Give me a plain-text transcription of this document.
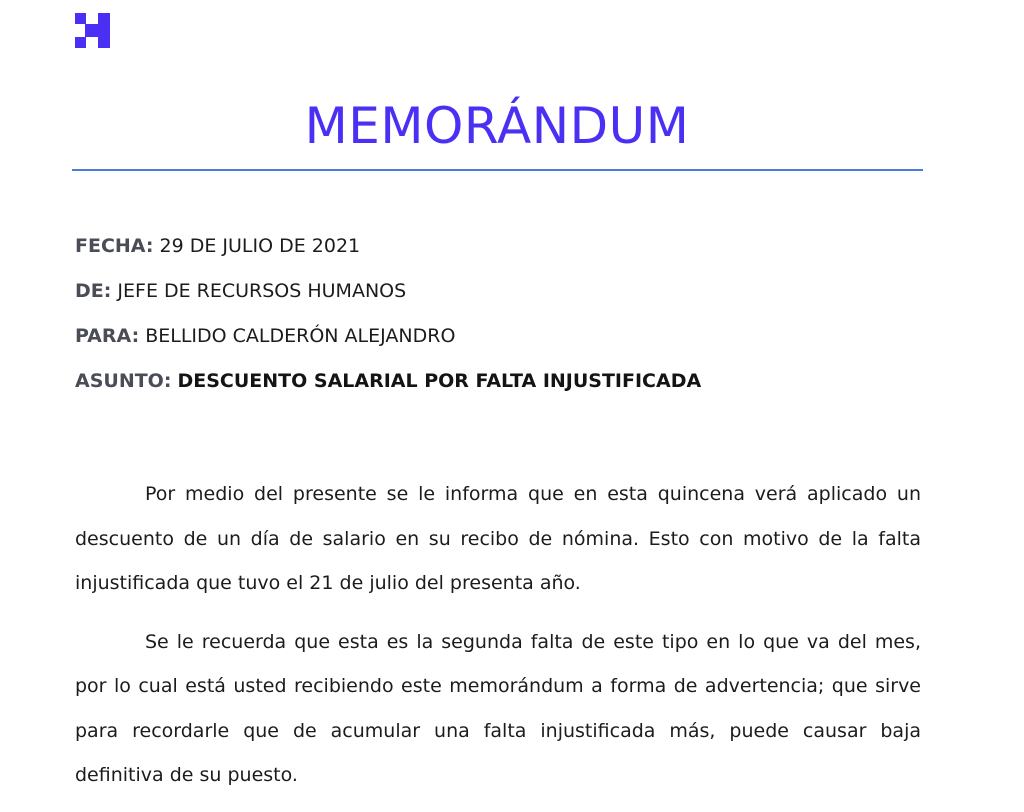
MEMORÁNDUM
FECHA: 29 DE JULIO DE 2021
DE: JEFE DE RECURSOS HUMANOS
PARA: BELLIDO CALDERÓN ALEJANDRO
ASUNTO: DESCUENTO SALARIAL POR FALTA INJUSTIFICADA

Por medio del presente se le informa que en esta quincena verá aplicado un descuento de un día de salario en su recibo de nómina. Esto con motivo de la falta injustificada que tuvo el 21 de julio del presenta año.

Se le recuerda que esta es la segunda falta de este tipo en lo que va del mes, por lo cual está usted recibiendo este memorándum a forma de advertencia; que sirve para recordarle que de acumular una falta injustificada más, puede causar baja definitiva de su puesto.
